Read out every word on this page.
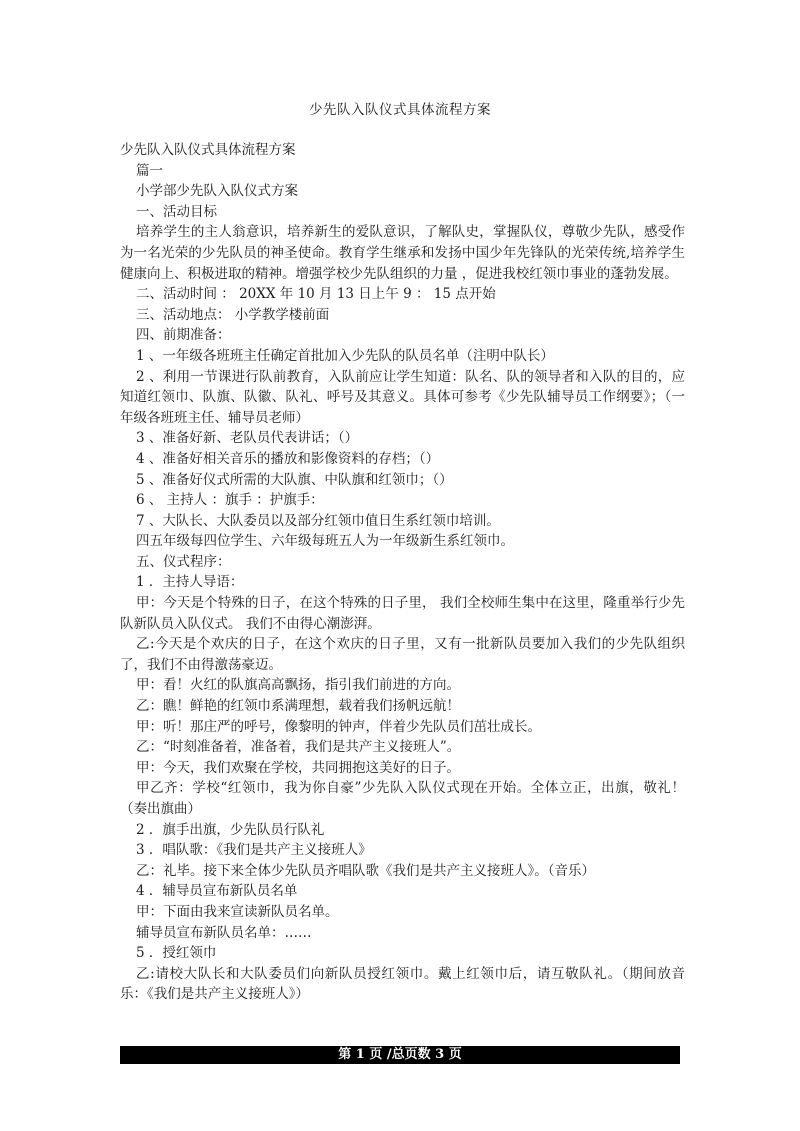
少先队入队仪式具体流程方案

少先队入队仪式具体流程方案

篇一

小学部少先队入队仪式方案

一、活动目标

培养学生的主人翁意识，培养新生的爱队意识，了解队史，掌握队仪，尊敬少先队，感受作为一名光荣的少先队员的神圣使命。教育学生继承和发扬中国少年先锋队的光荣传统,培养学生健康向上、积极进取的精神。增强学校少先队组织的力量 ，促进我校红领巾事业的蓬勃发展。

二、活动时间 ： 20XX 年 10 月 13 日上午 9 ： 15 点开始

三、活动地点： 小学教学楼前面

四、前期准备：

1 、一年级各班班主任确定首批加入少先队的队员名单（注明中队长）

2 、利用一节课进行队前教育，入队前应让学生知道：队名、队的领导者和入队的目的，应知道红领巾、队旗、队徽、队礼、呼号及其意义。具体可参考《少先队辅导员工作纲要》；（一年级各班班主任、辅导员老师）

3 、准备好新、老队员代表讲话；（）

4 、准备好相关音乐的播放和影像资料的存档；（）

5 、准备好仪式所需的大队旗、中队旗和红领巾；（）

6 、 主持人 ：旗手 ：护旗手：

7 、大队长、大队委员以及部分红领巾值日生系红领巾培训。

四五年级每四位学生、六年级每班五人为一年级新生系红领巾。

五、仪式程序：

1 ．主持人导语：

甲：今天是个特殊的日子，在这个特殊的日子里， 我们全校师生集中在这里，隆重举行少先队新队员入队仪式。 我们不由得心潮澎湃。

乙:今天是个欢庆的日子，在这个欢庆的日子里，又有一批新队员要加入我们的少先队组织了，我们不由得激荡豪迈。

甲：看！火红的队旗高高飘扬，指引我们前进的方向。

乙：瞧！鲜艳的红领巾系满理想，载着我们扬帆远航！

甲：听！那庄严的呼号，像黎明的钟声，伴着少先队员们茁壮成长。

乙：“时刻准备着，准备着，我们是共产主义接班人”。

甲：今天，我们欢聚在学校，共同拥抱这美好的日子。

甲乙齐：学校“红领巾，我为你自豪”少先队入队仪式现在开始。全体立正，出旗，敬礼！（奏出旗曲）

2 ．旗手出旗，少先队员行队礼

3 ．唱队歌：《我们是共产主义接班人》

乙：礼毕。接下来全体少先队员齐唱队歌《我们是共产主义接班人》。（音乐）

4 ．辅导员宣布新队员名单

甲：下面由我来宣读新队员名单。

辅导员宣布新队员名单：……

5 ．授红领巾

乙:请校大队长和大队委员们向新队员授红领巾。戴上红领巾后，请互敬队礼。（期间放音乐：《我们是共产主义接班人》）

第 1 页 /总页数 3 页
